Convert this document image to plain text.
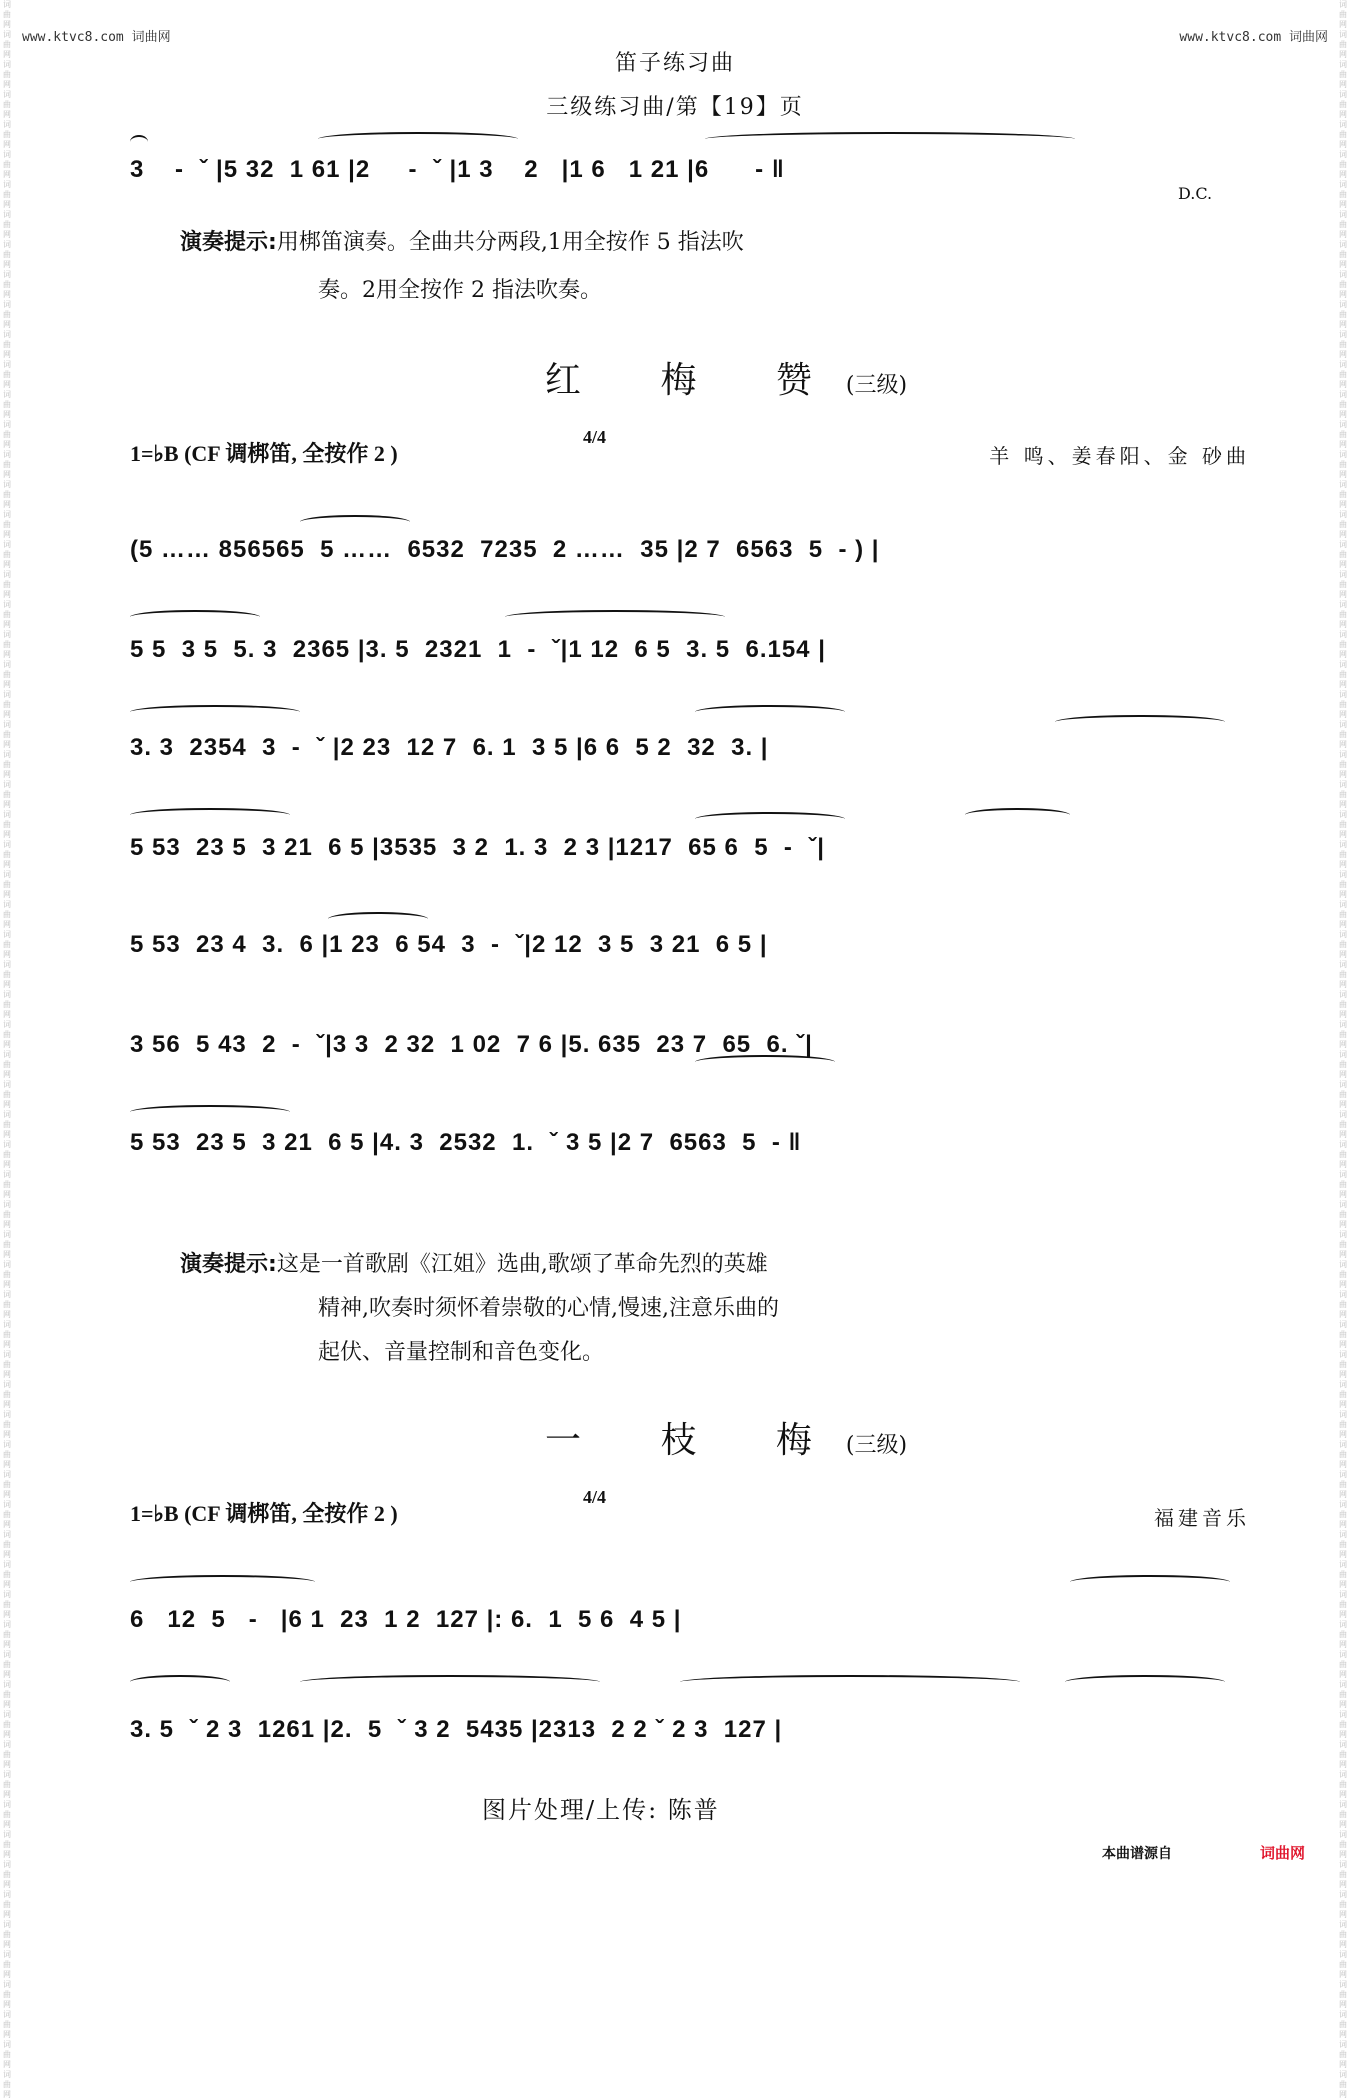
词曲网词曲网词曲网词曲网词曲网词曲网词曲网词曲网词曲网词曲网词曲网词曲网词曲网词曲网词曲网词曲网词曲网词曲网词曲网词曲网词曲网词曲网词曲网词曲网词曲网词曲网词曲网词曲网词曲网词曲网词曲网词曲网词曲网词曲网词曲网词曲网词曲网词曲网词曲网词曲网词曲网词曲网词曲网词曲网词曲网词曲网词曲网词曲网词曲网词曲网词曲网词曲网词曲网词曲网词曲网词曲网词曲网词曲网词曲网词曲网词曲网词曲网词曲网词曲网词曲网词曲网词曲网词曲网词曲网词曲网
词曲网词曲网词曲网词曲网词曲网词曲网词曲网词曲网词曲网词曲网词曲网词曲网词曲网词曲网词曲网词曲网词曲网词曲网词曲网词曲网词曲网词曲网词曲网词曲网词曲网词曲网词曲网词曲网词曲网词曲网词曲网词曲网词曲网词曲网词曲网词曲网词曲网词曲网词曲网词曲网词曲网词曲网词曲网词曲网词曲网词曲网词曲网词曲网词曲网词曲网词曲网词曲网词曲网词曲网词曲网词曲网词曲网词曲网词曲网词曲网词曲网词曲网词曲网词曲网词曲网词曲网词曲网词曲网词曲网词曲网
www.ktvc8.com 词曲网	www.ktvc8.com 词曲网
笛子练习曲
三级练习曲/第【19】页
3    -  ˇ |5 32  1 61 |2     -  ˇ |1 3    2   |1 6   1 21 |6      - ‖
D.C.
演奏提示:用梆笛演奏。全曲共分两段,1用全按作 5 指法吹
奏。2用全按作 2 指法吹奏。
红 梅 赞(三级)
1=♭B (CF 调梆笛, 全按作 2 )
4/4
羊 鸣、姜春阳、金 砂曲
(5 …… 856565  5 ……  6532  7235  2 ……  35 |2 7  6563  5  - ) |
5 5  3 5  5. 3  2365 |3. 5  2321  1  -  ˇ|1 12  6 5  3. 5  6.154 |
3. 3  2354  3  -  ˇ |2 23  12 7  6. 1  3 5 |6 6  5 2  32  3. |
5 53  23 5  3 21  6 5 |3535  3 2  1. 3  2 3 |1217  65 6  5  -  ˇ|
5 53  23 4  3.  6 |1 23  6 54  3  -  ˇ|2 12  3 5  3 21  6 5 |
3 56  5 43  2  -  ˇ|3 3  2 32  1 02  7 6 |5. 635  23 7  65  6. ˇ|
5 53  23 5  3 21  6 5 |4. 3  2532  1.  ˇ 3 5 |2 7  6563  5  - ‖
演奏提示:这是一首歌剧《江姐》选曲,歌颂了革命先烈的英雄
精神,吹奏时须怀着崇敬的心情,慢速,注意乐曲的
起伏、音量控制和音色变化。
一 枝 梅(三级)
1=♭B (CF 调梆笛, 全按作 2 )
4/4
福建音乐
6   12  5   -   |6 1  23  1 2  127 |: 6.  1  5 6  4 5 |
3. 5  ˇ 2 3  1261 |2.  5  ˇ 3 2  5435 |2313  2 2 ˇ 2 3  127 |
图片处理/上传: 陈普
本曲谱源自	词曲网
